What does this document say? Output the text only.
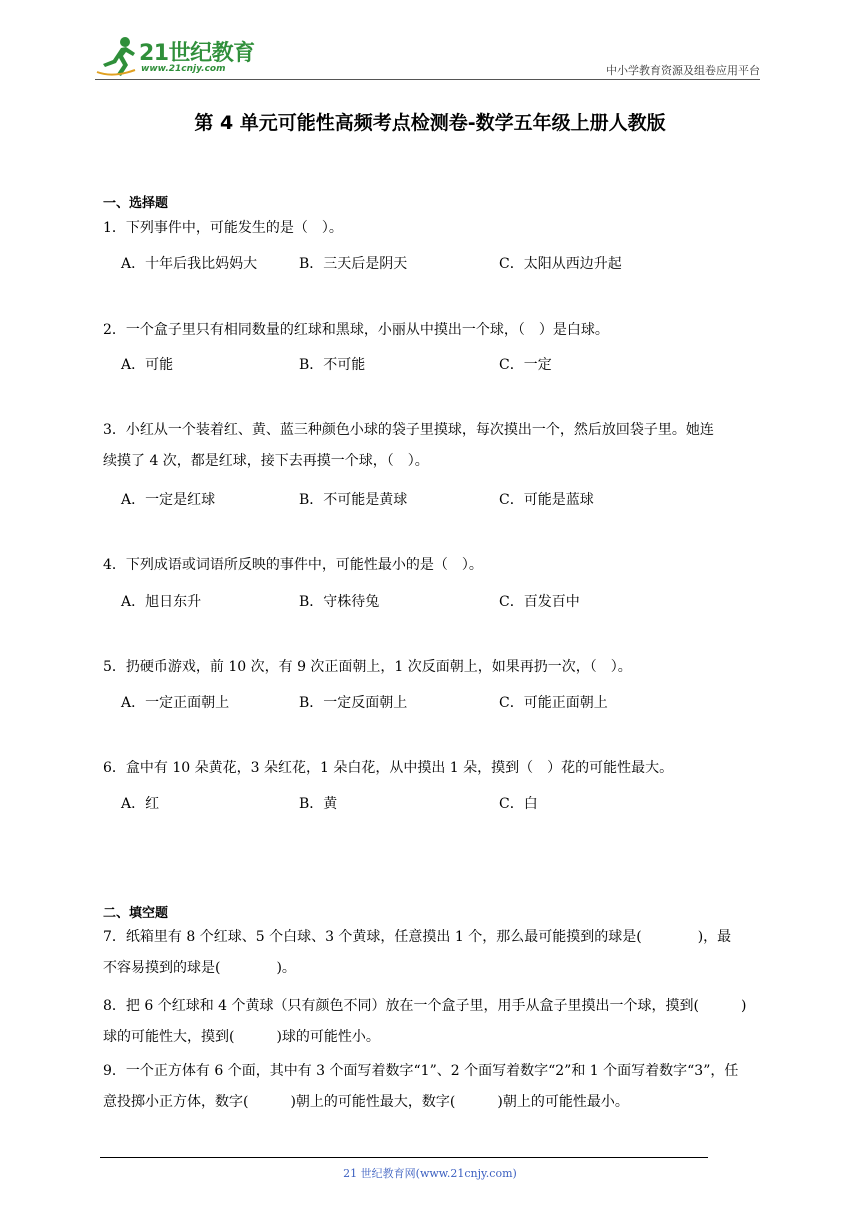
21世纪教育
www.21cnjy.com	中小学教育资源及组卷应用平台
第 4 单元可能性高频考点检测卷-数学五年级上册人教版
一、选择题
1．下列事件中，可能发生的是（　）。
A．十年后我比妈妈大	B．三天后是阴天	C．太阳从西边升起
2．一个盒子里只有相同数量的红球和黑球，小丽从中摸出一个球，（　）是白球。
A．可能	B．不可能	C．一定
3．小红从一个装着红、黄、蓝三种颜色小球的袋子里摸球，每次摸出一个，然后放回袋子里。她连
续摸了 4 次，都是红球，接下去再摸一个球，（　）。
A．一定是红球	B．不可能是黄球	C．可能是蓝球
4．下列成语或词语所反映的事件中，可能性最小的是（　）。
A．旭日东升	B．守株待兔	C．百发百中
5．扔硬币游戏，前 10 次，有 9 次正面朝上，1 次反面朝上，如果再扔一次，（　）。
A．一定正面朝上	B．一定反面朝上	C．可能正面朝上
6．盒中有 10 朵黄花，3 朵红花，1 朵白花，从中摸出 1 朵，摸到（　）花的可能性最大。
A．红	B．黄	C．白
二、填空题
7．纸箱里有 8 个红球、5 个白球、3 个黄球，任意摸出 1 个，那么最可能摸到的球是(　　　　)，最
不容易摸到的球是(　　　　)。
8．把 6 个红球和 4 个黄球（只有颜色不同）放在一个盒子里，用手从盒子里摸出一个球，摸到(　　　)
球的可能性大，摸到(　　　)球的可能性小。
9．一个正方体有 6 个面，其中有 3 个面写着数字“1”、2 个面写着数字“2”和 1 个面写着数字“3”，任
意投掷小正方体，数字(　　　)朝上的可能性最大，数字(　　　)朝上的可能性最小。
21 世纪教育网(www.21cnjy.com)
